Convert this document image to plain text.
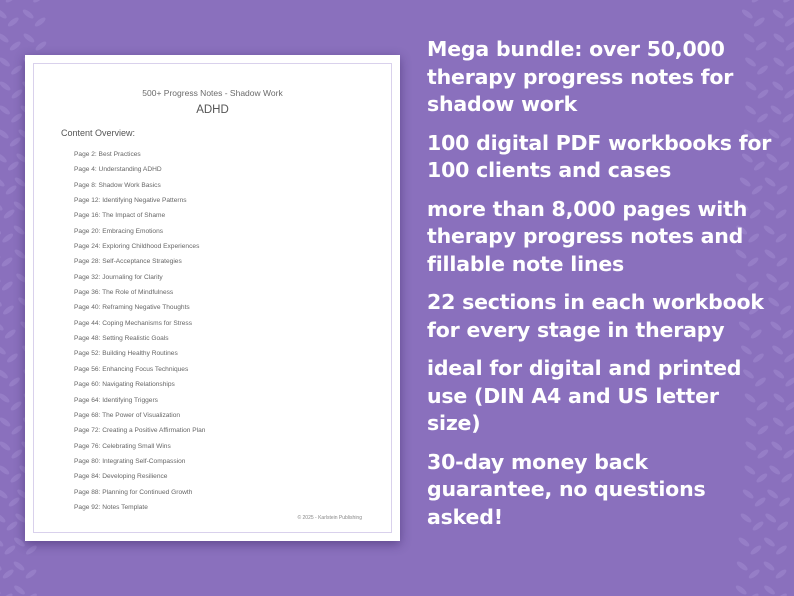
500+ Progress Notes - Shadow Work
ADHD
Content Overview:
Page 2: Best Practices
Page 4: Understanding ADHD
Page 8: Shadow Work Basics
Page 12: Identifying Negative Patterns
Page 16: The Impact of Shame
Page 20: Embracing Emotions
Page 24: Exploring Childhood Experiences
Page 28: Self-Acceptance Strategies
Page 32: Journaling for Clarity
Page 36: The Role of Mindfulness
Page 40: Reframing Negative Thoughts
Page 44: Coping Mechanisms for Stress
Page 48: Setting Realistic Goals
Page 52: Building Healthy Routines
Page 56: Enhancing Focus Techniques
Page 60: Navigating Relationships
Page 64: Identifying Triggers
Page 68: The Power of Visualization
Page 72: Creating a Positive Affirmation Plan
Page 76: Celebrating Small Wins
Page 80: Integrating Self-Compassion
Page 84: Developing Resilience
Page 88: Planning for Continued Growth
Page 92: Notes Template
© 2025 - Karlstein Publishing
Mega bundle: over 50,000 therapy progress notes for shadow work
100 digital PDF workbooks for 100 clients and cases
more than 8,000 pages with therapy progress notes and fillable note lines
22 sections in each workbook for every stage in therapy
ideal for digital and printed use (DIN A4 and US letter size)
30-day money back guarantee, no questions asked!
